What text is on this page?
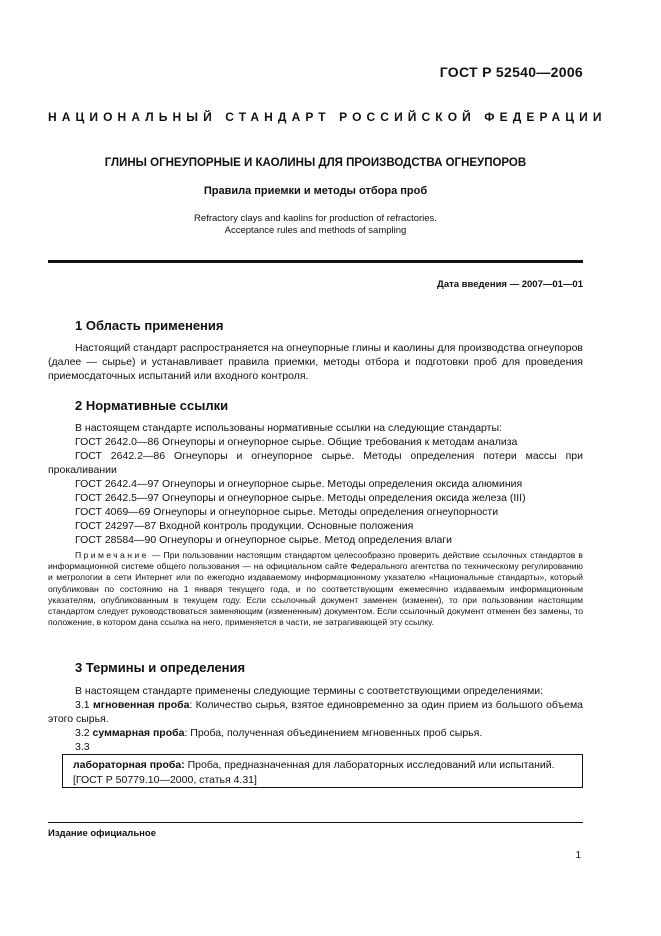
ГОСТ Р 52540—2006
НАЦИОНАЛЬНЫЙ СТАНДАРТ РОССИЙСКОЙ ФЕДЕРАЦИИ
ГЛИНЫ ОГНЕУПОРНЫЕ И КАОЛИНЫ ДЛЯ ПРОИЗВОДСТВА ОГНЕУПОРОВ
Правила приемки и методы отбора проб
Refractory clays and kaolins for production of refractories.
Acceptance rules and methods of sampling
Дата введения — 2007—01—01
1 Область применения
Настоящий стандарт распространяется на огнеупорные глины и каолины для производства огнеупоров (далее — сырье) и устанавливает правила приемки, методы отбора и подготовки проб для проведения приемосдаточных испытаний или входного контроля.
2 Нормативные ссылки
В настоящем стандарте использованы нормативные ссылки на следующие стандарты:
ГОСТ 2642.0—86 Огнеупоры и огнеупорное сырье. Общие требования к методам анализа
ГОСТ 2642.2—86 Огнеупоры и огнеупорное сырье. Методы определения потери массы при прокаливании
ГОСТ 2642.4—97 Огнеупоры и огнеупорное сырье. Методы определения оксида алюминия
ГОСТ 2642.5—97 Огнеупоры и огнеупорное сырье. Методы определения оксида железа (III)
ГОСТ 4069—69 Огнеупоры и огнеупорное сырье. Методы определения огнеупорности
ГОСТ 24297—87 Входной контроль продукции. Основные положения
ГОСТ 28584—90 Огнеупоры и огнеупорное сырье. Метод определения влаги
Примечание — При пользовании настоящим стандартом целесообразно проверить действие ссылочных стандартов в информационной системе общего пользования — на официальном сайте Федерального агентства по техническому регулированию и метрологии в сети Интернет или по ежегодно издаваемому информационному указателю «Национальные стандарты», который опубликован по состоянию на 1 января текущего года, и по соответствующим ежемесячно издаваемым информационным указателям, опубликованным в текущем году. Если ссылочный документ заменен (изменен), то при пользовании настоящим стандартом следует руководствоваться заменяющим (измененным) документом. Если ссылочный документ отменен без замены, то положение, в котором дана ссылка на него, применяется в части, не затрагивающей эту ссылку.
3 Термины и определения
В настоящем стандарте применены следующие термины с соответствующими определениями:
3.1 мгновенная проба: Количество сырья, взятое единовременно за один прием из большого объема этого сырья.
3.2 суммарная проба: Проба, полученная объединением мгновенных проб сырья.
3.3
лабораторная проба: Проба, предназначенная для лабораторных исследований или испытаний.
[ГОСТ Р 50779.10—2000, статья 4.31]
Издание официальное
1
